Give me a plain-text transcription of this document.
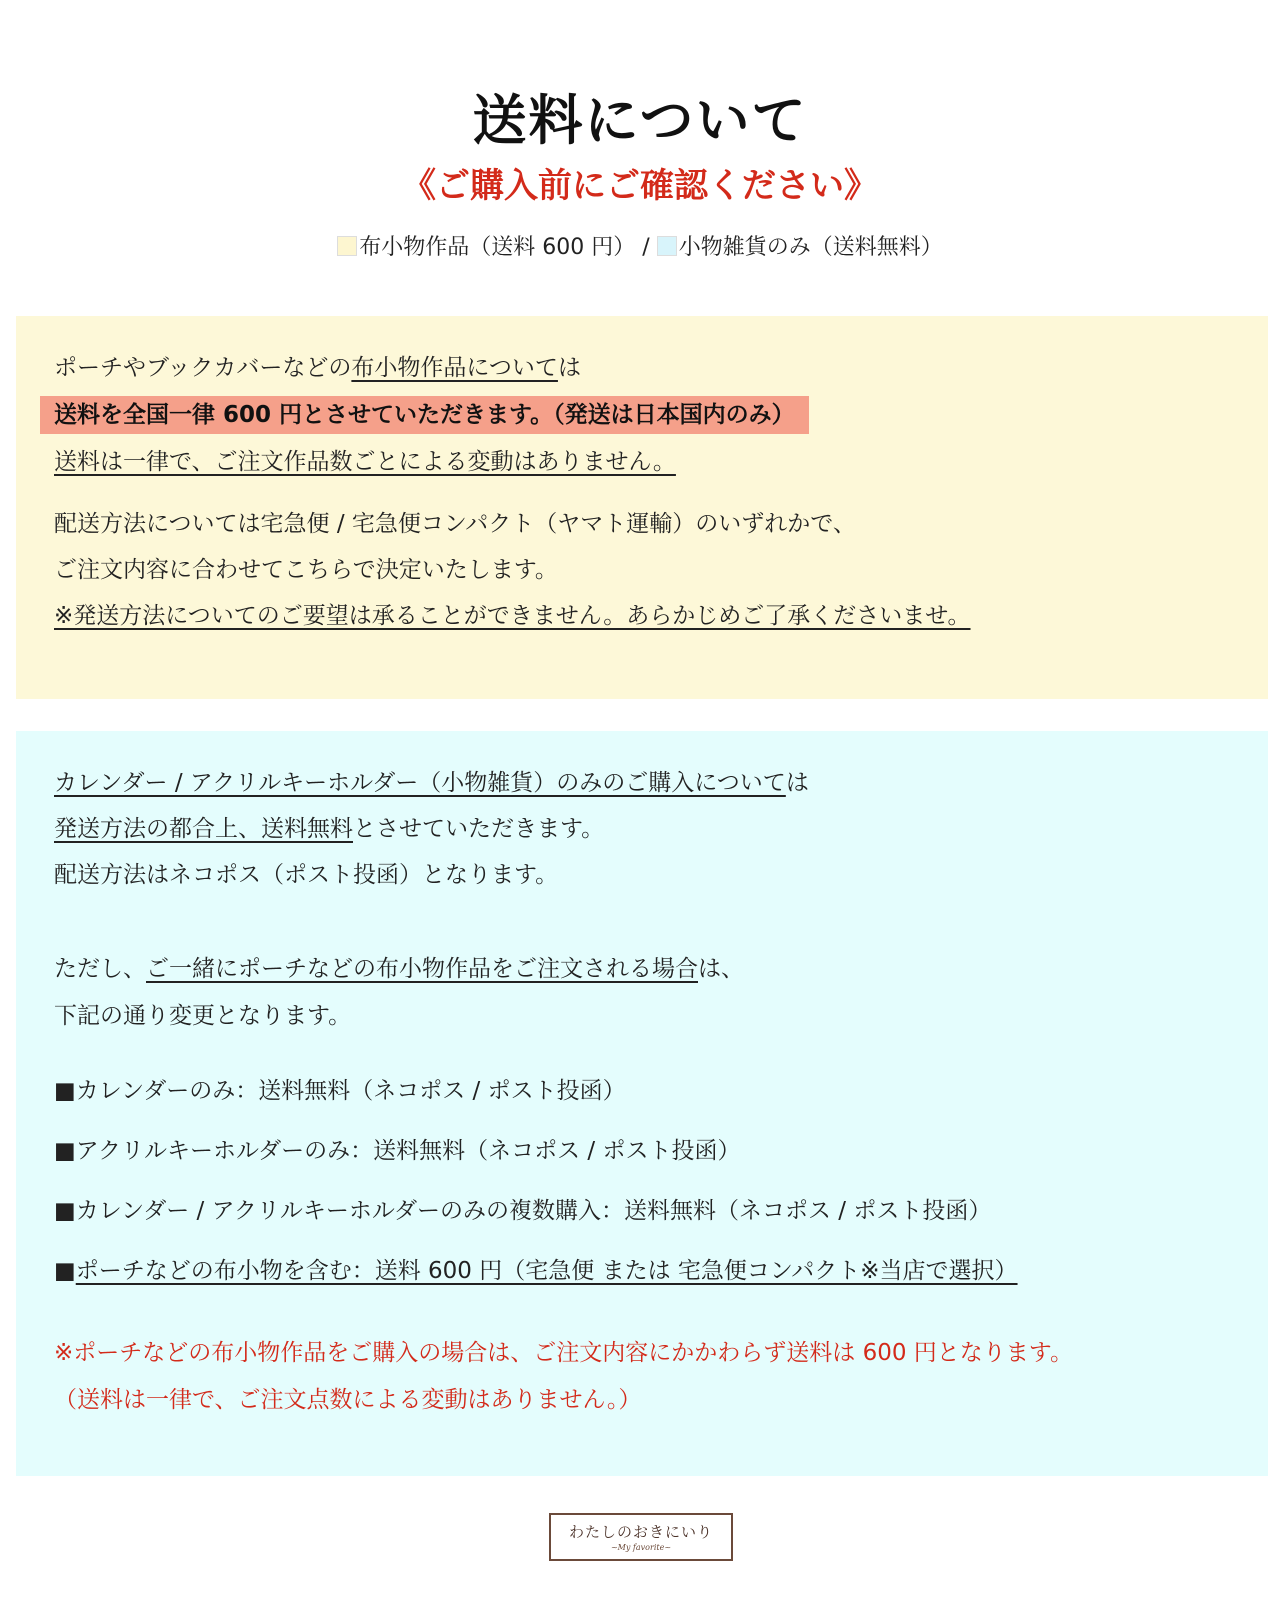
送料について
《ご購入前にご確認ください》
布小物作品（送料 600 円） / 小物雑貨のみ（送料無料）
ポーチやブックカバーなどの布小物作品については
送料を全国一律 600 円とさせていただきます。（発送は日本国内のみ）
送料は一律で、ご注文作品数ごとによる変動はありません。
配送方法については宅急便 / 宅急便コンパクト（ヤマト運輸）のいずれかで、
ご注文内容に合わせてこちらで決定いたします。
※発送方法についてのご要望は承ることができません。あらかじめご了承くださいませ。
カレンダー / アクリルキーホルダー（小物雑貨）のみのご購入については
発送方法の都合上、送料無料とさせていただきます。
配送方法はネコポス（ポスト投函）となります。
ただし、ご一緒にポーチなどの布小物作品をご注文される場合は、
下記の通り変更となります。
■カレンダーのみ：送料無料（ネコポス / ポスト投函）
■アクリルキーホルダーのみ：送料無料（ネコポス / ポスト投函）
■カレンダー / アクリルキーホルダーのみの複数購入：送料無料（ネコポス / ポスト投函）
■ポーチなどの布小物を含む：送料 600 円（宅急便 または 宅急便コンパクト※当店で選択）
※ポーチなどの布小物作品をご購入の場合は、ご注文内容にかかわらず送料は 600 円となります。
（送料は一律で、ご注文点数による変動はありません。）
わたしのおきにいり
~My favorite~
